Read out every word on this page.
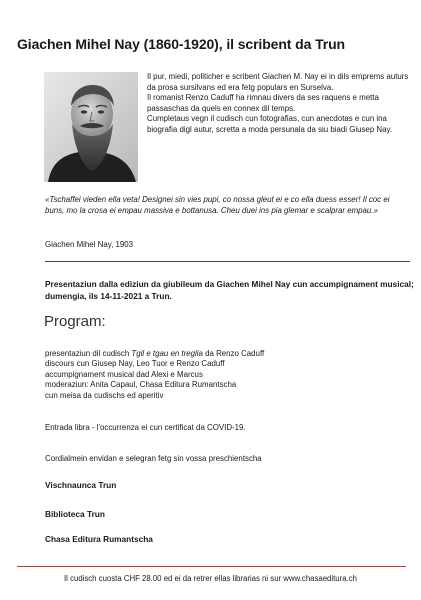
Giachen Mihel Nay (1860-1920), il scribent da Trun

Il pur, miedi, politicher e scribent Giachen M. Nay ei in dils emprems auturs da prosa sursilvans ed era fetg populars en Surselva.

Il romanist Renzo Caduff ha rimnau divers da ses raquens e metta passaschas da quels en connex dil temps.

Cumpletaus vegn il cudisch cun fotografias, cun anecdotas e cun ina biografia digl autur, scretta a moda persunala da siu biadi Giusep Nay.

«Tschaffei vieden ella veta! Designei sin vies pupi, co nossa gleut ei e co ella duess esser! Il coc ei buns, mo la crosa ei empau massiva e bottanusa. Cheu duei ins pia glemar e scalprar empau.»
Giachen Mihel Nay, 1903
Presentaziun dalla ediziun da giubileum da Giachen Mihel Nay cun accumpignament musical; dumengia, ils 14-11-2021 a Trun.
Program:
presentaziun dil cudisch Tgil e tgau en treglia da Renzo Caduff
discours cun Giusep Nay, Leo Tuor e Renzo Caduff
accumpignament musical dad Alexi e Marcus
moderaziun: Anita Capaul, Chasa Editura Rumantscha
cun meisa da cudischs ed aperitiv
Entrada libra - l'occurrenza ei cun certificat da COVID-19.
Cordialmein envidan e selegran fetg sin vossa preschientscha
Vischnaunca Trun
Biblioteca Trun
Chasa Editura Rumantscha
Il cudisch cuosta CHF 28.00 ed ei da retrer ellas librarias ni sur www.chasaeditura.ch
